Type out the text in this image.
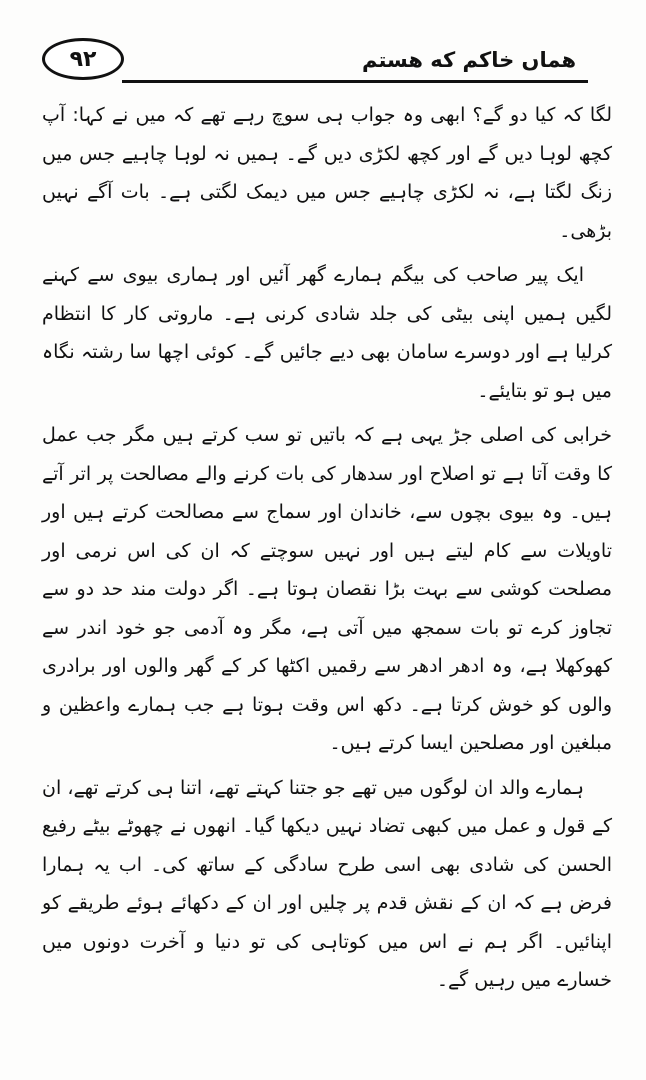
۹۲	هماں خاکم که هستم

لگا کہ کیا دو گے؟ ابھی وہ جواب ہی سوچ رہے تھے کہ میں نے کہا: آپ کچھ لوہا دیں گے اور کچھ لکڑی دیں گے۔ ہمیں نہ لوہا چاہیے جس میں زنگ لگتا ہے، نہ لکڑی چاہیے جس میں دیمک لگتی ہے۔ بات آگے نہیں بڑھی۔

ایک پیر صاحب کی بیگم ہمارے گھر آئیں اور ہماری بیوی سے کہنے لگیں ہمیں اپنی بیٹی کی جلد شادی کرنی ہے۔ ماروتی کار کا انتظام کرلیا ہے اور دوسرے سامان بھی دیے جائیں گے۔ کوئی اچھا سا رشتہ نگاہ میں ہو تو بتایئے۔

خرابی کی اصلی جڑ یہی ہے کہ باتیں تو سب کرتے ہیں مگر جب عمل کا وقت آتا ہے تو اصلاح اور سدھار کی بات کرنے والے مصالحت پر اتر آتے ہیں۔ وہ بیوی بچوں سے، خاندان اور سماج سے مصالحت کرتے ہیں اور تاویلات سے کام لیتے ہیں اور نہیں سوچتے کہ ان کی اس نرمی اور مصلحت کوشی سے بہت بڑا نقصان ہوتا ہے۔ اگر دولت مند حد دو سے تجاوز کرے تو بات سمجھ میں آتی ہے، مگر وہ آدمی جو خود اندر سے کھوکھلا ہے، وہ ادھر ادھر سے رقمیں اکٹھا کر کے گھر والوں اور برادری والوں کو خوش کرتا ہے۔ دکھ اس وقت ہوتا ہے جب ہمارے واعظین و مبلغین اور مصلحین ایسا کرتے ہیں۔

ہمارے والد ان لوگوں میں تھے جو جتنا کہتے تھے، اتنا ہی کرتے تھے، ان کے قول و عمل میں کبھی تضاد نہیں دیکھا گیا۔ انھوں نے چھوٹے بیٹے رفیع الحسن کی شادی بھی اسی طرح سادگی کے ساتھ کی۔ اب یہ ہمارا فرض ہے کہ ان کے نقش قدم پر چلیں اور ان کے دکھائے ہوئے طریقے کو اپنائیں۔ اگر ہم نے اس میں کوتاہی کی تو دنیا و آخرت دونوں میں خسارے میں رہیں گے۔
